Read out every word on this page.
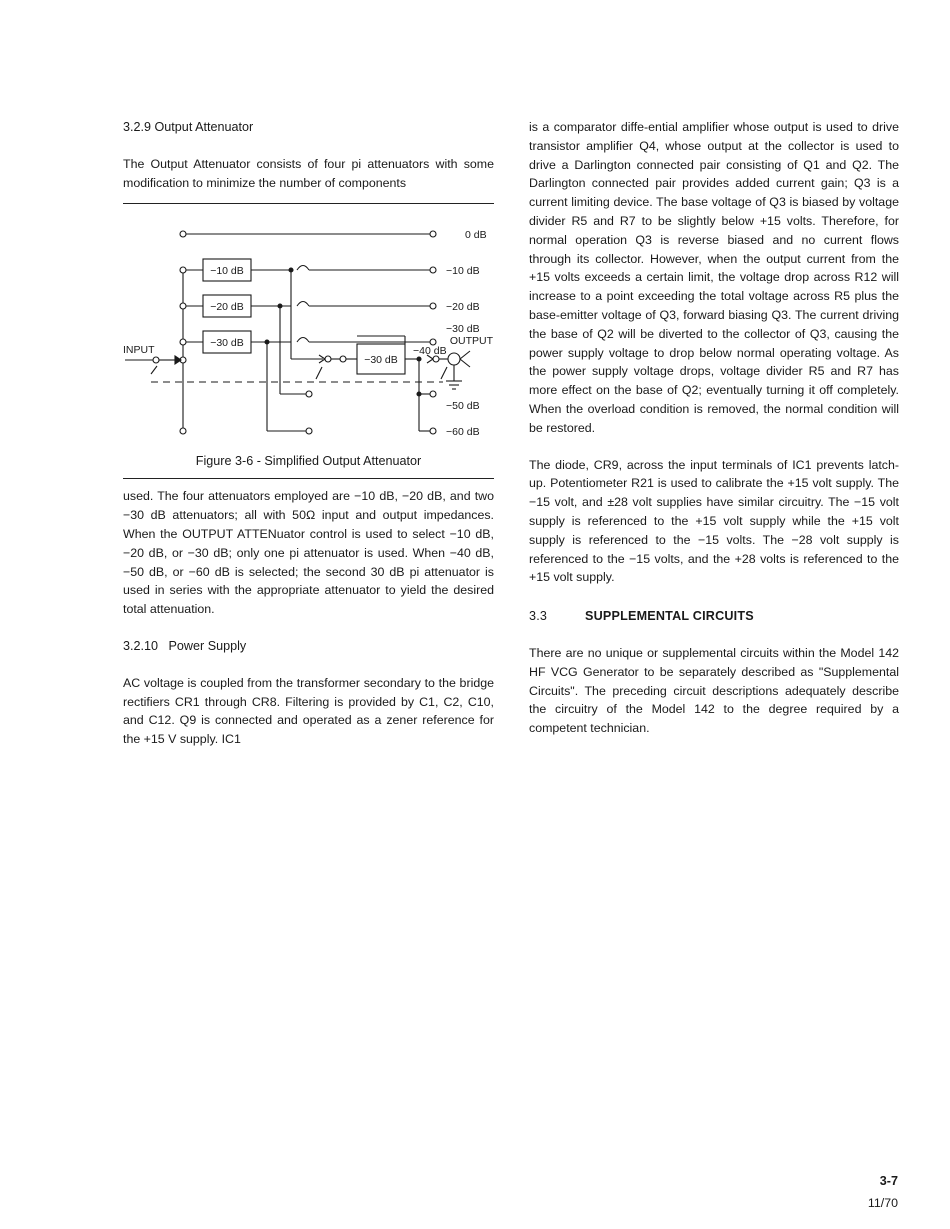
3.2.9 Output Attenuator

The Output Attenuator consists of four pi attenuators with some modification to minimize the number of components

−10 dB
−20 dB
−30 dB
−30 dB
INPUT
OUTPUT
0 dB
−10 dB
−20 dB
−30 dB
−40 dB
−50 dB
−60 dB
Figure 3-6 - Simplified Output Attenuator

used. The four attenuators employed are −10 dB, −20 dB, and two −30 dB attenuators; all with 50Ω input and output impedances. When the OUTPUT ATTENuator control is used to select −10 dB, −20 dB, or −30 dB; only one pi attenuator is used. When −40 dB, −50 dB, or −60 dB is selected; the second 30 dB pi attenuator is used in series with the appropriate attenuator to yield the desired total attenuation.

3.2.10   Power Supply

AC voltage is coupled from the transformer secondary to the bridge rectifiers CR1 through CR8. Filtering is provided by C1, C2, C10, and C12. Q9 is connected and operated as a zener reference for the +15 V supply. IC1

is a comparator diffe-ential amplifier whose output is used to drive transistor amplifier Q4, whose output at the collector is used to drive a Darlington connected pair consisting of Q1 and Q2. The Darlington connected pair provides added current gain; Q3 is a current limiting device. The base voltage of Q3 is biased by voltage divider R5 and R7 to be slightly below +15 volts. Therefore, for normal operation Q3 is reverse biased and no current flows through its collector. However, when the output current from the +15 volts exceeds a certain limit, the voltage drop across R12 will increase to a point exceeding the total voltage across R5 plus the base-emitter voltage of Q3, forward biasing Q3. The current driving the base of Q2 will be diverted to the collector of Q3, causing the power supply voltage to drop below normal operating voltage. As the power supply voltage drops, voltage divider R5 and R7 has more effect on the base of Q2; eventually turning it off completely. When the overload condition is removed, the normal condition will be restored.

The diode, CR9, across the input terminals of IC1 prevents latch-up. Potentiometer R21 is used to calibrate the +15 volt supply. The −15 volt, and ±28 volt supplies have similar circuitry. The −15 volt supply is referenced to the +15 volt supply while the +15 volt supply is referenced to the −15 volts. The −28 volt supply is referenced to the −15 volts, and the +28 volts is referenced to the +15 volt supply.

3.3	SUPPLEMENTAL CIRCUITS

There are no unique or supplemental circuits within the Model 142 HF VCG Generator to be separately described as "Supplemental Circuits". The preceding circuit descriptions adequately describe the circuitry of the Model 142 to the degree required by a competent technician.

3-7
11/70
